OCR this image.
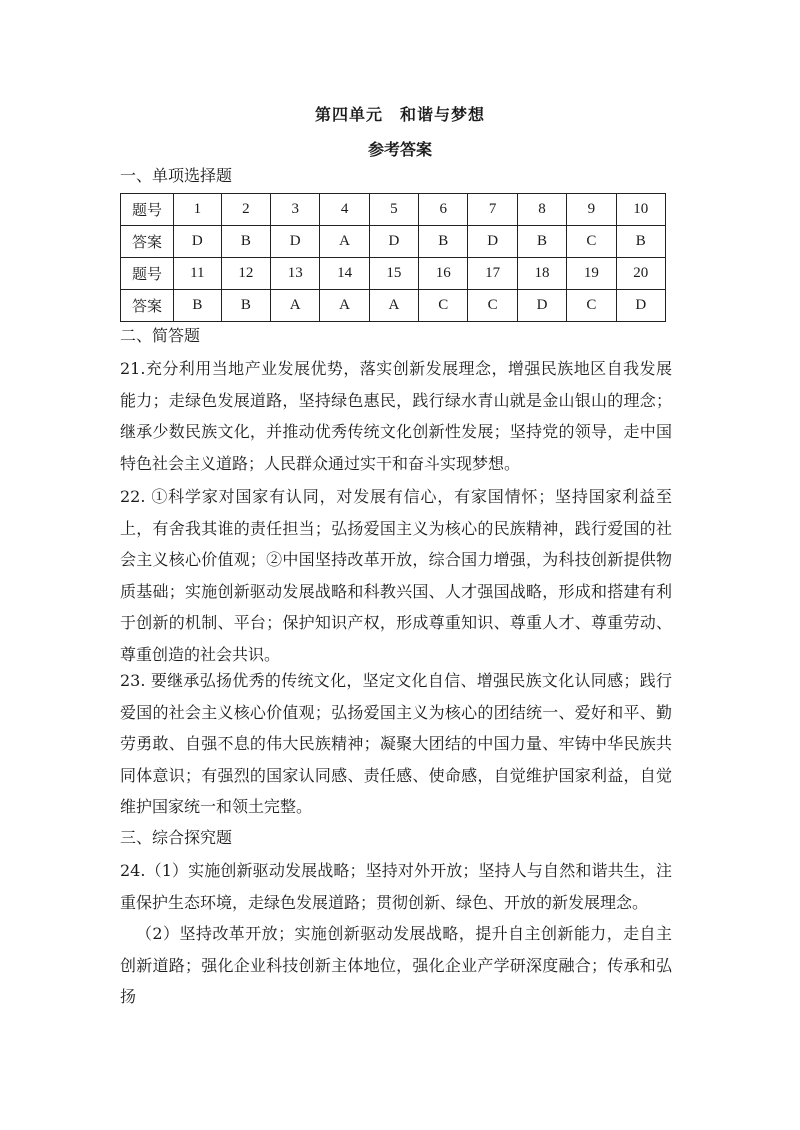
第四单元　和谐与梦想
参考答案
一、单项选择题
题号	1	2	3	4	5	6	7	8	9	10
答案	D	B	D	A	D	B	D	B	C	B
题号	11	12	13	14	15	16	17	18	19	20
答案	B	B	A	A	A	C	C	D	C	D
二、简答题
21.充分利用当地产业发展优势，落实创新发展理念，增强民族地区自我发展能力；走绿色发展道路，坚持绿色惠民，践行绿水青山就是金山银山的理念；继承少数民族文化，并推动优秀传统文化创新性发展；坚持党的领导，走中国特色社会主义道路；人民群众通过实干和奋斗实现梦想。
22. ①科学家对国家有认同，对发展有信心，有家国情怀；坚持国家利益至上，有舍我其谁的责任担当；弘扬爱国主义为核心的民族精神，践行爱国的社会主义核心价值观；②中国坚持改革开放，综合国力增强，为科技创新提供物质基础；实施创新驱动发展战略和科教兴国、人才强国战略，形成和搭建有利于创新的机制、平台；保护知识产权，形成尊重知识、尊重人才、尊重劳动、尊重创造的社会共识。
23. 要继承弘扬优秀的传统文化，坚定文化自信、增强民族文化认同感；践行爱国的社会主义核心价值观；弘扬爱国主义为核心的团结统一、爱好和平、勤劳勇敢、自强不息的伟大民族精神；凝聚大团结的中国力量、牢铸中华民族共同体意识；有强烈的国家认同感、责任感、使命感，自觉维护国家利益，自觉维护国家统一和领土完整。
三、综合探究题
24.（1）实施创新驱动发展战略；坚持对外开放；坚持人与自然和谐共生，注重保护生态环境，走绿色发展道路；贯彻创新、绿色、开放的新发展理念。
（2）坚持改革开放；实施创新驱动发展战略，提升自主创新能力，走自主创新道路；强化企业科技创新主体地位，强化企业产学研深度融合；传承和弘扬
